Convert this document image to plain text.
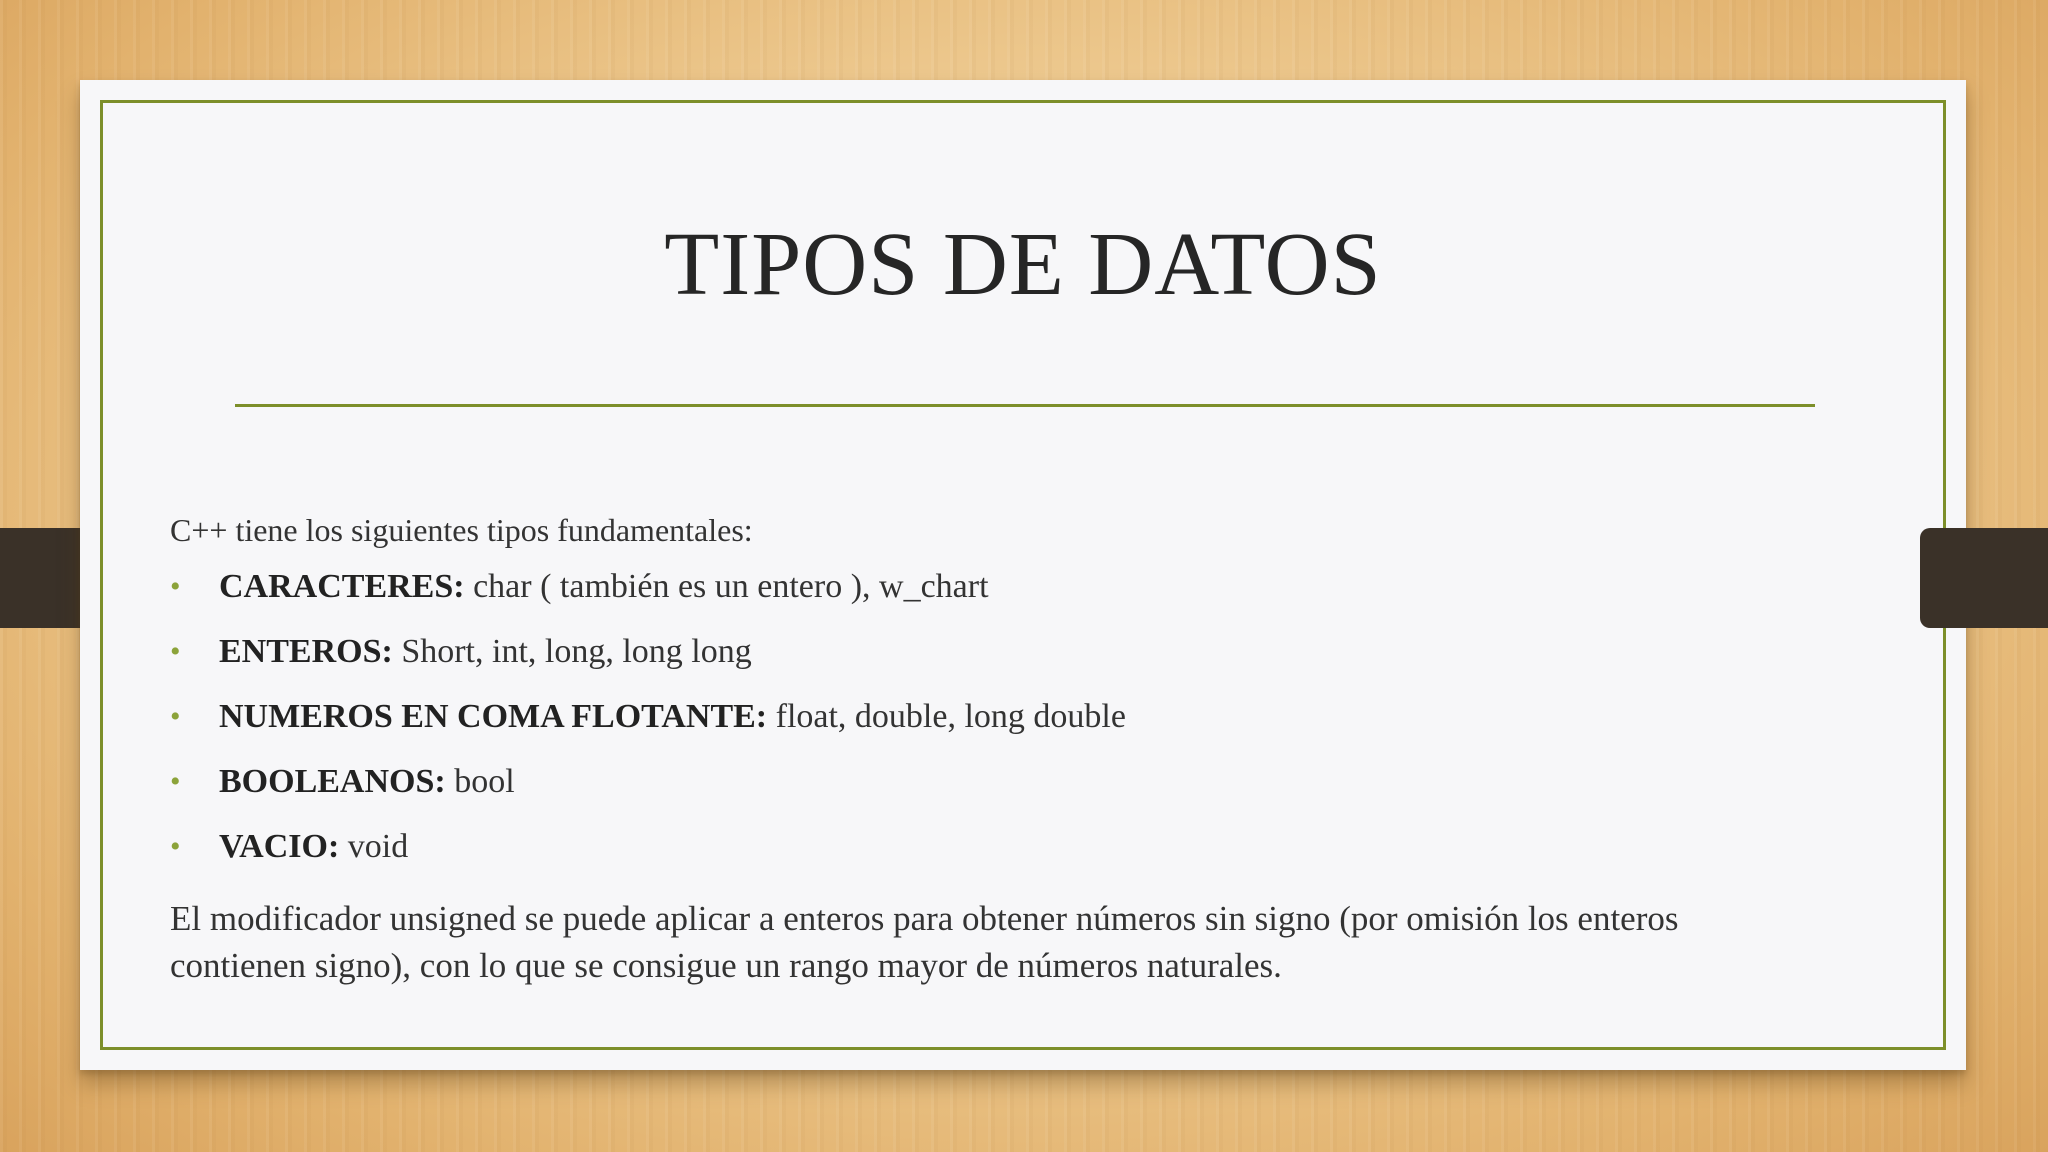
TIPOS DE DATOS

C++ tiene los siguientes tipos fundamentales:

• CARACTERES: char ( también es un entero ), w_chart
• ENTEROS: Short, int, long, long long
• NUMEROS EN COMA FLOTANTE: float, double, long double
• BOOLEANOS: bool
• VACIO: void

El modificador unsigned se puede aplicar a enteros para obtener números sin signo (por omisión los enteros contienen signo), con lo que se consigue un rango mayor de números naturales.
